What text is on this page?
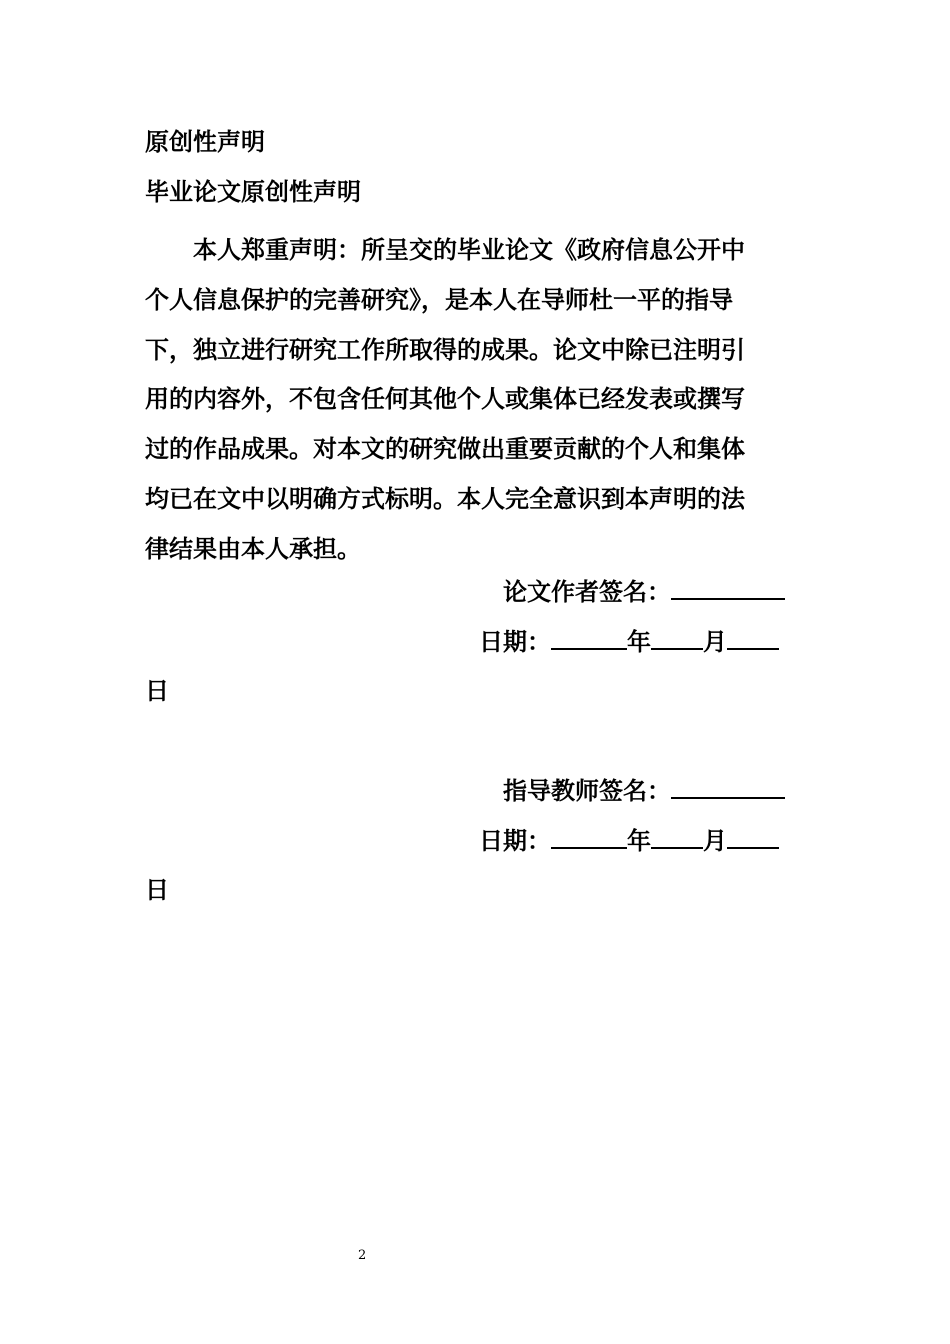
原创性声明
毕业论文原创性声明
本人郑重声明：所呈交的毕业论文《政府信息公开中
个人信息保护的完善研究》，是本人在导师杜一平的指导
下，独立进行研究工作所取得的成果。论文中除已注明引
用的内容外，不包含任何其他个人或集体已经发表或撰写
过的作品成果。对本文的研究做出重要贡献的个人和集体
均已在文中以明确方式标明。本人完全意识到本声明的法
律结果由本人承担。
论文作者签名：
日期：	年 月
日
指导教师签名：
日期：	年 月
日
2
